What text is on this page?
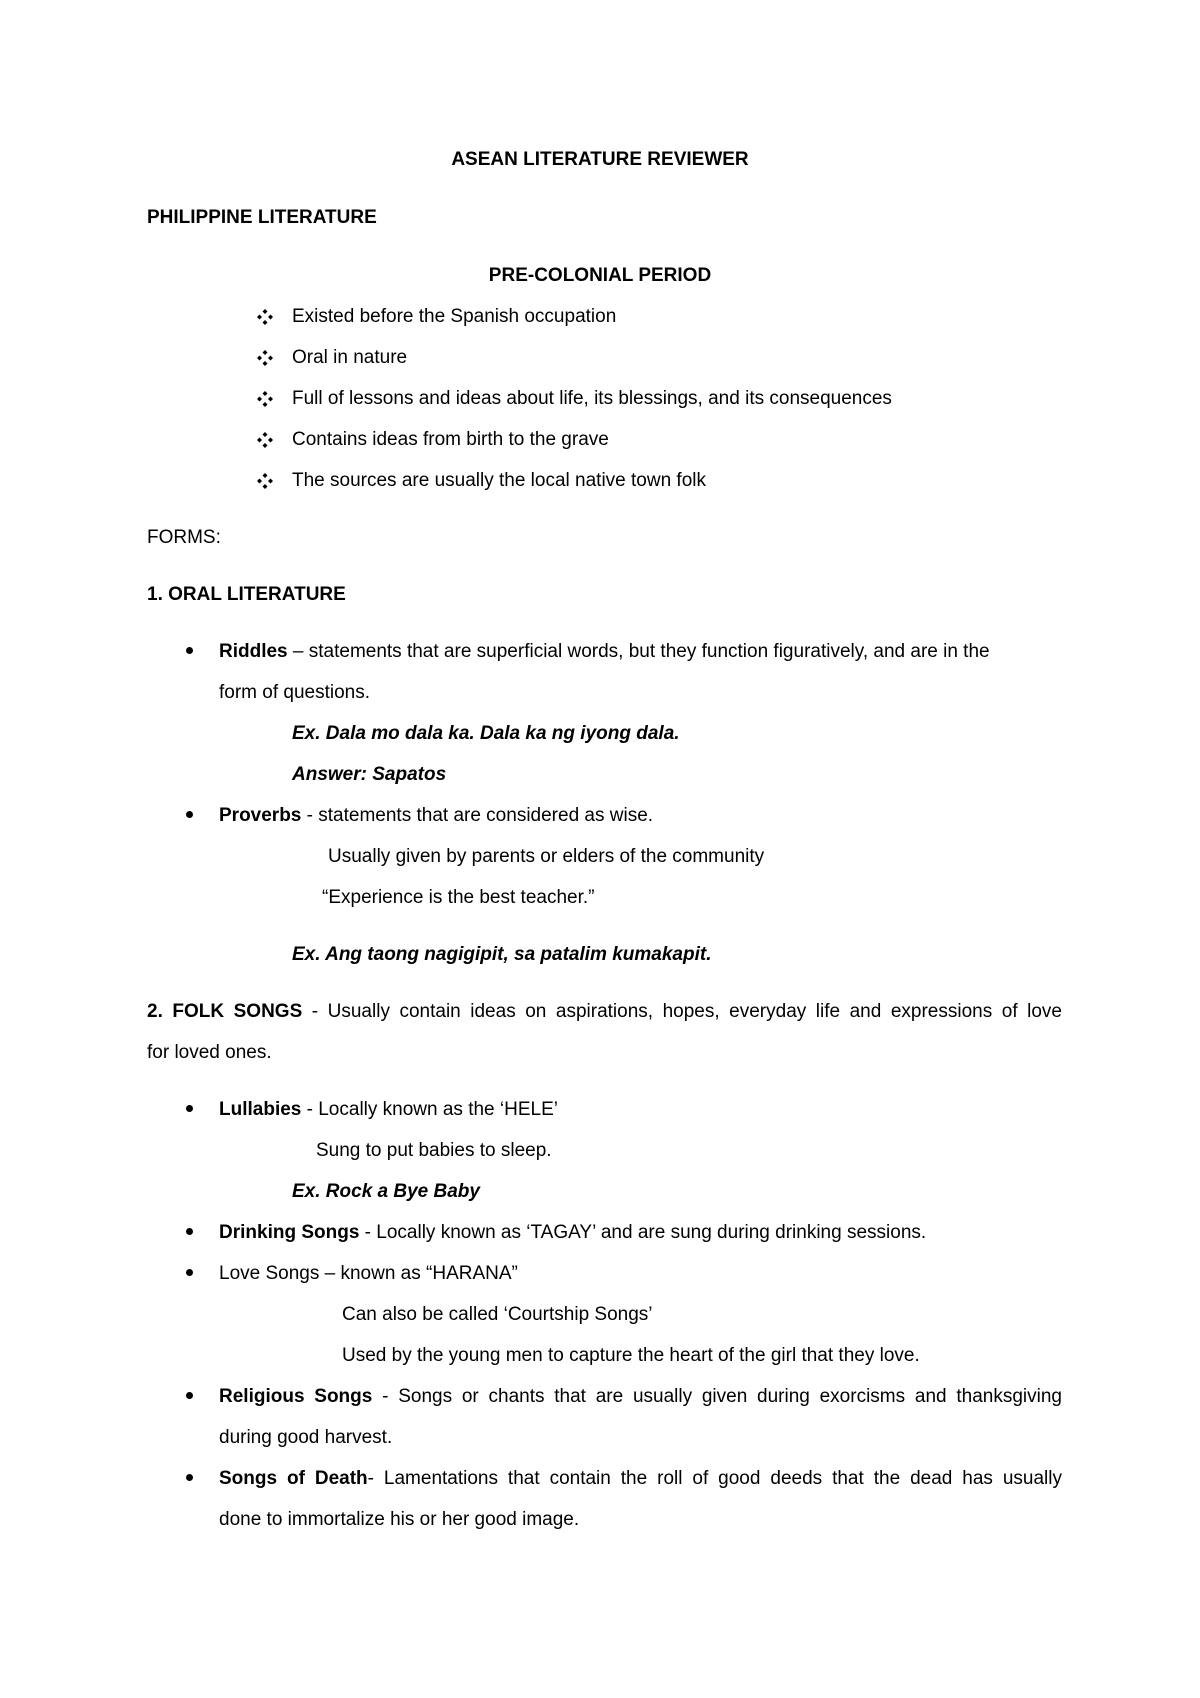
ASEAN LITERATURE REVIEWER
PHILIPPINE LITERATURE
PRE-COLONIAL PERIOD
Existed before the Spanish occupation
Oral in nature
Full of lessons and ideas about life, its blessings, and its consequences
Contains ideas from birth to the grave
The sources are usually the local native town folk
FORMS:
1. ORAL LITERATURE
Riddles – statements that are superficial words, but they function figuratively, and are in the
form of questions.
Ex. Dala mo dala ka. Dala ka ng iyong dala.
Answer: Sapatos
Proverbs - statements that are considered as wise.
Usually given by parents or elders of the community
“Experience is the best teacher.”
Ex. Ang taong nagigipit, sa patalim kumakapit.
2. FOLK SONGS - Usually contain ideas on aspirations, hopes, everyday life and expressions of love
for loved ones.
Lullabies - Locally known as the ‘HELE’
Sung to put babies to sleep.
Ex. Rock a Bye Baby
Drinking Songs - Locally known as ‘TAGAY’ and are sung during drinking sessions.
Love Songs – known as “HARANA”
Can also be called ‘Courtship Songs’
Used by the young men to capture the heart of the girl that they love.
Religious Songs - Songs or chants that are usually given during exorcisms and thanksgiving
during good harvest.
Songs of Death- Lamentations that contain the roll of good deeds that the dead has usually
done to immortalize his or her good image.
